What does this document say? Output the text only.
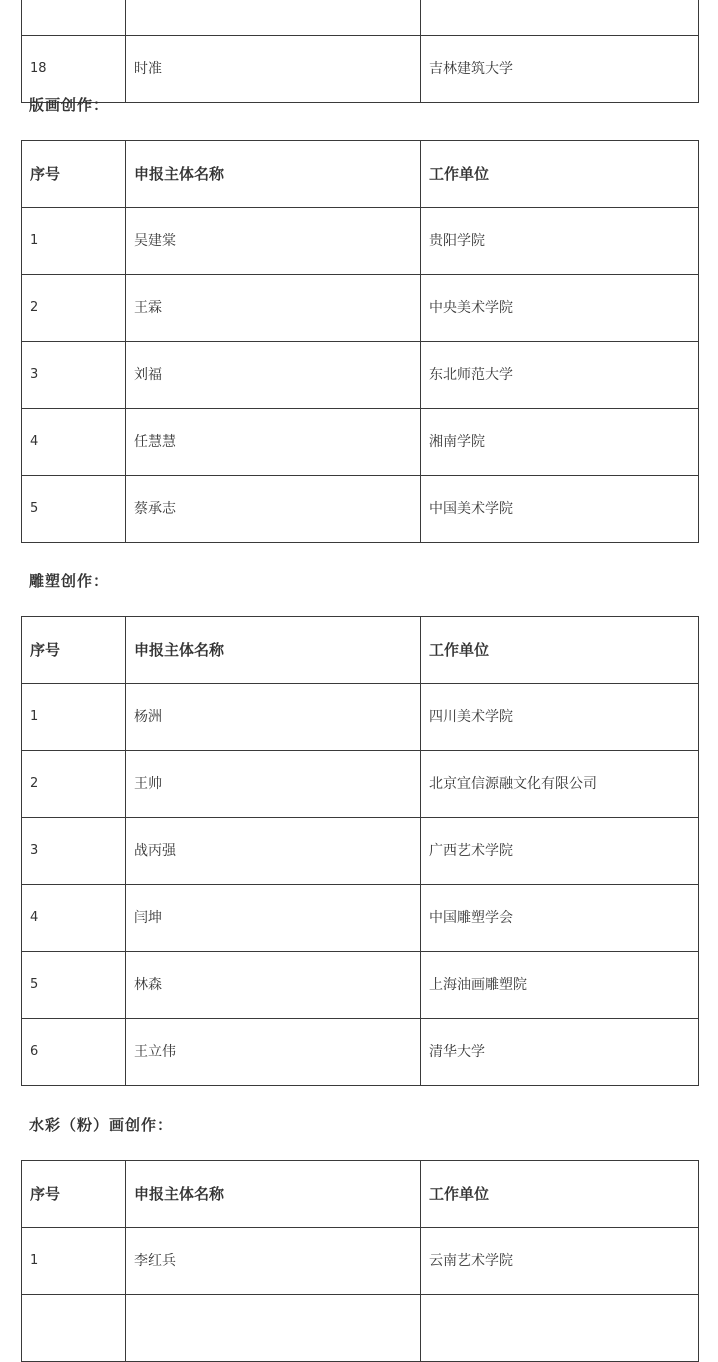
18	时准	吉林建筑大学
版画创作：
序号	申报主体名称	工作单位
1	吴建棠	贵阳学院
2	王霖	中央美术学院
3	刘福	东北师范大学
4	任慧慧	湘南学院
5	蔡承志	中国美术学院
雕塑创作：
序号	申报主体名称	工作单位
1	杨洲	四川美术学院
2	王帅	北京宜信源融文化有限公司
3	战丙强	广西艺术学院
4	闫坤	中国雕塑学会
5	林森	上海油画雕塑院
6	王立伟	清华大学
水彩（粉）画创作：
序号	申报主体名称	工作单位
1	李红兵	云南艺术学院
